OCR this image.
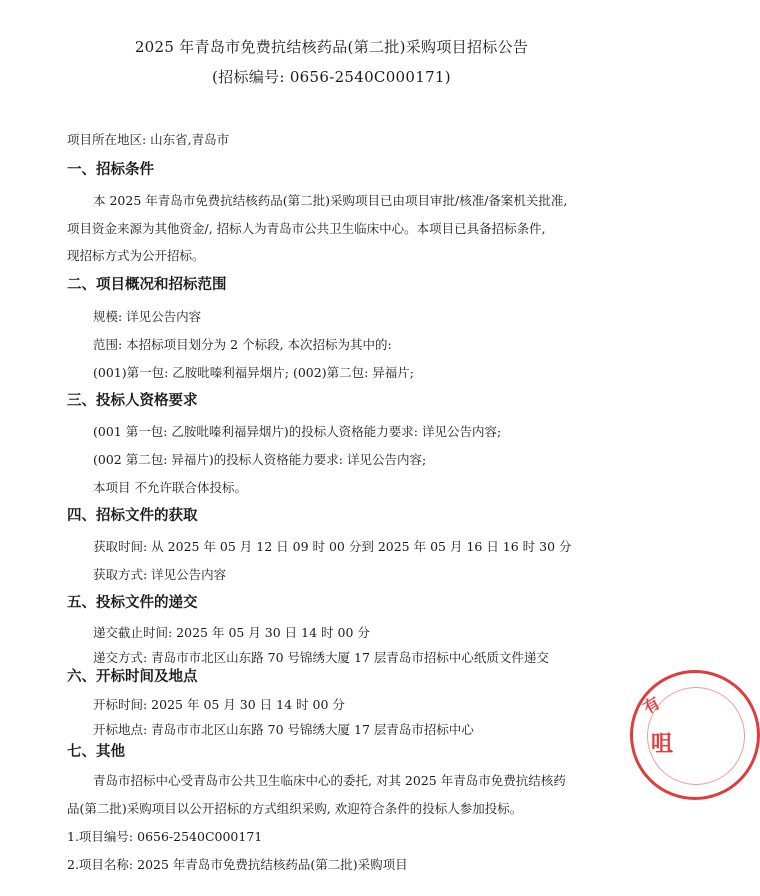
2025 年青岛市免费抗结核药品(第二批)采购项目招标公告
(招标编号: 0656-2540C000171)
项目所在地区: 山东省,青岛市
一、招标条件
本 2025 年青岛市免费抗结核药品(第二批)采购项目已由项目审批/核准/备案机关批准,
项目资金来源为其他资金/, 招标人为青岛市公共卫生临床中心。本项目已具备招标条件,
现招标方式为公开招标。
二、项目概况和招标范围
规模: 详见公告内容
范围: 本招标项目划分为 2 个标段, 本次招标为其中的:
(001)第一包: 乙胺吡嗪利福异烟片; (002)第二包: 异福片;
三、投标人资格要求
(001 第一包: 乙胺吡嗪利福异烟片)的投标人资格能力要求: 详见公告内容;
(002 第二包: 异福片)的投标人资格能力要求: 详见公告内容;
本项目 不允许联合体投标。
四、招标文件的获取
获取时间: 从 2025 年 05 月 12 日 09 时 00 分到 2025 年 05 月 16 日 16 时 30 分
获取方式: 详见公告内容
五、投标文件的递交
递交截止时间: 2025 年 05 月 30 日 14 时 00 分
递交方式: 青岛市市北区山东路 70 号锦绣大厦 17 层青岛市招标中心纸质文件递交
六、开标时间及地点
开标时间: 2025 年 05 月 30 日 14 时 00 分
开标地点: 青岛市市北区山东路 70 号锦绣大厦 17 层青岛市招标中心
七、其他
青岛市招标中心受青岛市公共卫生临床中心的委托, 对其 2025 年青岛市免费抗结核药
品(第二批)采购项目以公开招标的方式组织采购, 欢迎符合条件的投标人参加投标。
1.项目编号: 0656-2540C000171
2.项目名称: 2025 年青岛市免费抗结核药品(第二批)采购项目
有
咀
